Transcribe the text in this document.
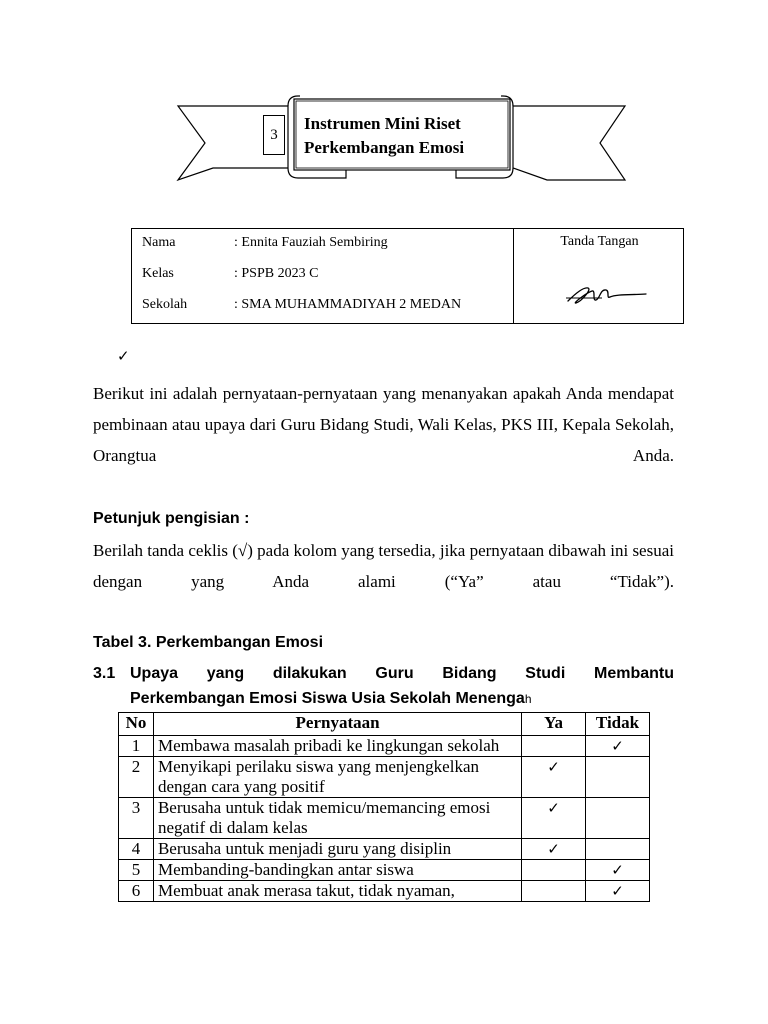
3
Instrumen Mini Riset
Perkembangan Emosi
Nama	: Ennita Fauziah Sembiring
Kelas	: PSPB 2023 C
Sekolah	: SMA MUHAMMADIYAH 2 MEDAN
Tanda Tangan
✓
Berikut ini adalah pernyataan-pernyataan yang menanyakan apakah Anda mendapat pembinaan atau upaya dari Guru Bidang Studi, Wali Kelas, PKS III, Kepala Sekolah, Orangtua Anda.
Petunjuk pengisian :
Berilah tanda ceklis (√) pada kolom yang tersedia, jika pernyataan dibawah ini sesuai dengan yang Anda alami (“Ya” atau “Tidak”).
Tabel 3. Perkembangan Emosi
3.1 Upaya yang dilakukan Guru Bidang Studi Membantu
Perkembangan Emosi Siswa Usia Sekolah Menengah
No	Pernyataan	Ya	Tidak
1	Membawa masalah pribadi ke lingkungan sekolah		✓
2	Menyikapi perilaku siswa yang menjengkelkan dengan cara yang positif	✓	
3	Berusaha untuk tidak memicu/memancing emosi negatif di dalam kelas	✓	
4	Berusaha untuk menjadi guru yang disiplin	✓	
5	Membanding-bandingkan antar siswa		✓
6	Membuat anak merasa takut, tidak nyaman,		✓
